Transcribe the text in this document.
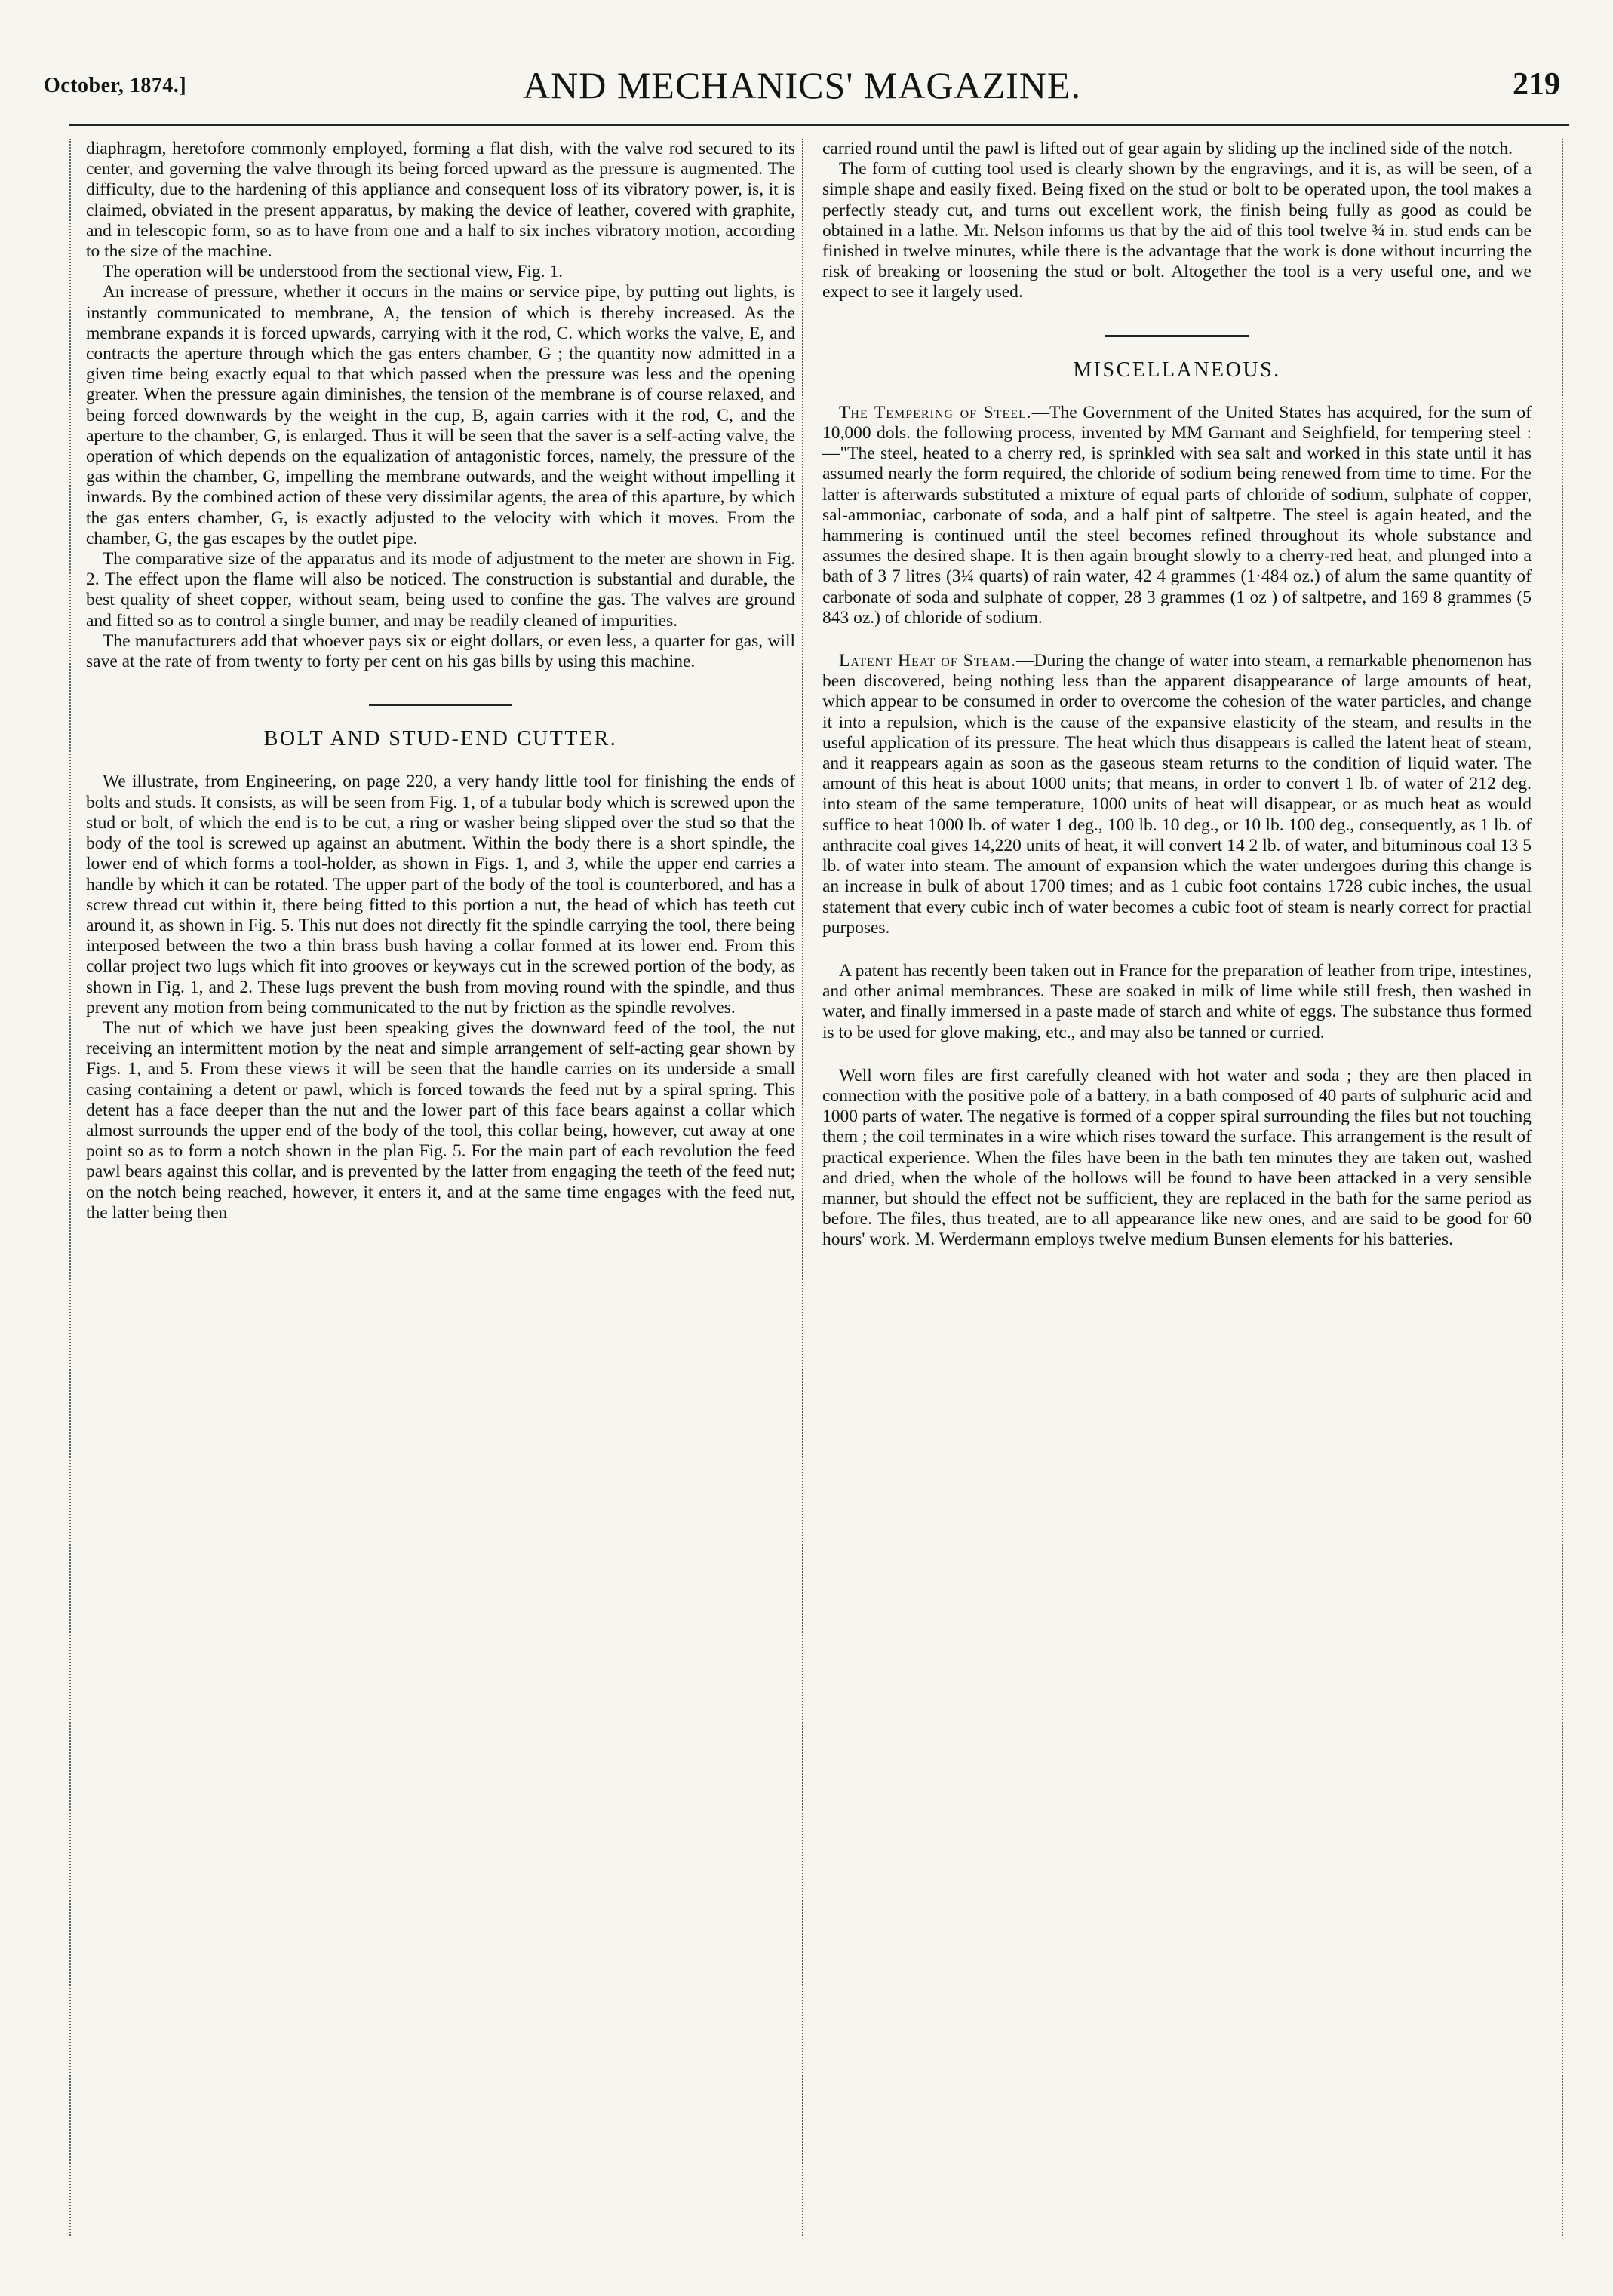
October, 1874.]	AND MECHANICS' MAGAZINE.	219

diaphragm, heretofore commonly employed, forming a flat dish, with the valve rod secured to its center, and governing the valve through its being forced upward as the pressure is augmented. The difficulty, due to the hardening of this appliance and consequent loss of its vibratory power, is, it is claimed, obviated in the present apparatus, by making the device of leather, covered with graphite, and in telescopic form, so as to have from one and a half to six inches vibratory motion, according to the size of the machine.

The operation will be understood from the sectional view, Fig. 1.

An increase of pressure, whether it occurs in the mains or service pipe, by putting out lights, is instantly communicated to membrane, A, the tension of which is thereby increased. As the membrane expands it is forced upwards, carrying with it the rod, C. which works the valve, E, and contracts the aperture through which the gas enters chamber, G ; the quantity now admitted in a given time being exactly equal to that which passed when the pressure was less and the opening greater. When the pressure again diminishes, the tension of the membrane is of course relaxed, and being forced downwards by the weight in the cup, B, again carries with it the rod, C, and the aperture to the chamber, G, is enlarged. Thus it will be seen that the saver is a self-acting valve, the operation of which depends on the equalization of antagonistic forces, namely, the pressure of the gas within the chamber, G, impelling the membrane outwards, and the weight without impelling it inwards. By the combined action of these very dissimilar agents, the area of this aparture, by which the gas enters chamber, G, is exactly adjusted to the velocity with which it moves. From the chamber, G, the gas escapes by the outlet pipe.

The comparative size of the apparatus and its mode of adjustment to the meter are shown in Fig. 2. The effect upon the flame will also be noticed. The construction is substantial and durable, the best quality of sheet copper, without seam, being used to confine the gas. The valves are ground and fitted so as to control a single burner, and may be readily cleaned of impurities.

The manufacturers add that whoever pays six or eight dollars, or even less, a quarter for gas, will save at the rate of from twenty to forty per cent on his gas bills by using this machine.

BOLT AND STUD-END CUTTER.

We illustrate, from Engineering, on page 220, a very handy little tool for finishing the ends of bolts and studs. It consists, as will be seen from Fig. 1, of a tubular body which is screwed upon the stud or bolt, of which the end is to be cut, a ring or washer being slipped over the stud so that the body of the tool is screwed up against an abutment. Within the body there is a short spindle, the lower end of which forms a tool-holder, as shown in Figs. 1, and 3, while the upper end carries a handle by which it can be rotated. The upper part of the body of the tool is counterbored, and has a screw thread cut within it, there being fitted to this portion a nut, the head of which has teeth cut around it, as shown in Fig. 5. This nut does not directly fit the spindle carrying the tool, there being interposed between the two a thin brass bush having a collar formed at its lower end. From this collar project two lugs which fit into grooves or keyways cut in the screwed portion of the body, as shown in Fig. 1, and 2. These lugs prevent the bush from moving round with the spindle, and thus prevent any motion from being communicated to the nut by friction as the spindle revolves.

The nut of which we have just been speaking gives the downward feed of the tool, the nut receiving an intermittent motion by the neat and simple arrangement of self-acting gear shown by Figs. 1, and 5. From these views it will be seen that the handle carries on its underside a small casing containing a detent or pawl, which is forced towards the feed nut by a spiral spring. This detent has a face deeper than the nut and the lower part of this face bears against a collar which almost surrounds the upper end of the body of the tool, this collar being, however, cut away at one point so as to form a notch shown in the plan Fig. 5. For the main part of each revolution the feed pawl bears against this collar, and is prevented by the latter from engaging the teeth of the feed nut; on the notch being reached, however, it enters it, and at the same time engages with the feed nut, the latter being then

carried round until the pawl is lifted out of gear again by sliding up the inclined side of the notch.

The form of cutting tool used is clearly shown by the engravings, and it is, as will be seen, of a simple shape and easily fixed. Being fixed on the stud or bolt to be operated upon, the tool makes a perfectly steady cut, and turns out excellent work, the finish being fully as good as could be obtained in a lathe. Mr. Nelson informs us that by the aid of this tool twelve ¾ in. stud ends can be finished in twelve minutes, while there is the advantage that the work is done without incurring the risk of breaking or loosening the stud or bolt. Altogether the tool is a very useful one, and we expect to see it largely used.

MISCELLANEOUS.

The Tempering of Steel.—The Government of the United States has acquired, for the sum of 10,000 dols. the following process, invented by MM Garnant and Seighfield, for tempering steel :—"The steel, heated to a cherry red, is sprinkled with sea salt and worked in this state until it has assumed nearly the form required, the chloride of sodium being renewed from time to time. For the latter is afterwards substituted a mixture of equal parts of chloride of sodium, sulphate of copper, sal-ammoniac, carbonate of soda, and a half pint of saltpetre. The steel is again heated, and the hammering is continued until the steel becomes refined throughout its whole substance and assumes the desired shape. It is then again brought slowly to a cherry-red heat, and plunged into a bath of 3 7 litres (3¼ quarts) of rain water, 42 4 grammes (1·484 oz.) of alum the same quantity of carbonate of soda and sulphate of copper, 28 3 grammes (1 oz ) of saltpetre, and 169 8 grammes (5 843 oz.) of chloride of sodium.

Latent Heat of Steam.—During the change of water into steam, a remarkable phenomenon has been discovered, being nothing less than the apparent disappearance of large amounts of heat, which appear to be consumed in order to overcome the cohesion of the water particles, and change it into a repulsion, which is the cause of the expansive elasticity of the steam, and results in the useful application of its pressure. The heat which thus disappears is called the latent heat of steam, and it reappears again as soon as the gaseous steam returns to the condition of liquid water. The amount of this heat is about 1000 units; that means, in order to convert 1 lb. of water of 212 deg. into steam of the same temperature, 1000 units of heat will disappear, or as much heat as would suffice to heat 1000 lb. of water 1 deg., 100 lb. 10 deg., or 10 lb. 100 deg., consequently, as 1 lb. of anthracite coal gives 14,220 units of heat, it will convert 14 2 lb. of water, and bituminous coal 13 5 lb. of water into steam. The amount of expansion which the water undergoes during this change is an increase in bulk of about 1700 times; and as 1 cubic foot contains 1728 cubic inches, the usual statement that every cubic inch of water becomes a cubic foot of steam is nearly correct for practial purposes.

A patent has recently been taken out in France for the preparation of leather from tripe, intestines, and other animal membrances. These are soaked in milk of lime while still fresh, then washed in water, and finally immersed in a paste made of starch and white of eggs. The substance thus formed is to be used for glove making, etc., and may also be tanned or curried.

Well worn files are first carefully cleaned with hot water and soda ; they are then placed in connection with the positive pole of a battery, in a bath composed of 40 parts of sulphuric acid and 1000 parts of water. The negative is formed of a copper spiral surrounding the files but not touching them ; the coil terminates in a wire which rises toward the surface. This arrangement is the result of practical experience. When the files have been in the bath ten minutes they are taken out, washed and dried, when the whole of the hollows will be found to have been attacked in a very sensible manner, but should the effect not be sufficient, they are replaced in the bath for the same period as before. The files, thus treated, are to all appearance like new ones, and are said to be good for 60 hours' work. M. Werdermann employs twelve medium Bunsen elements for his batteries.
